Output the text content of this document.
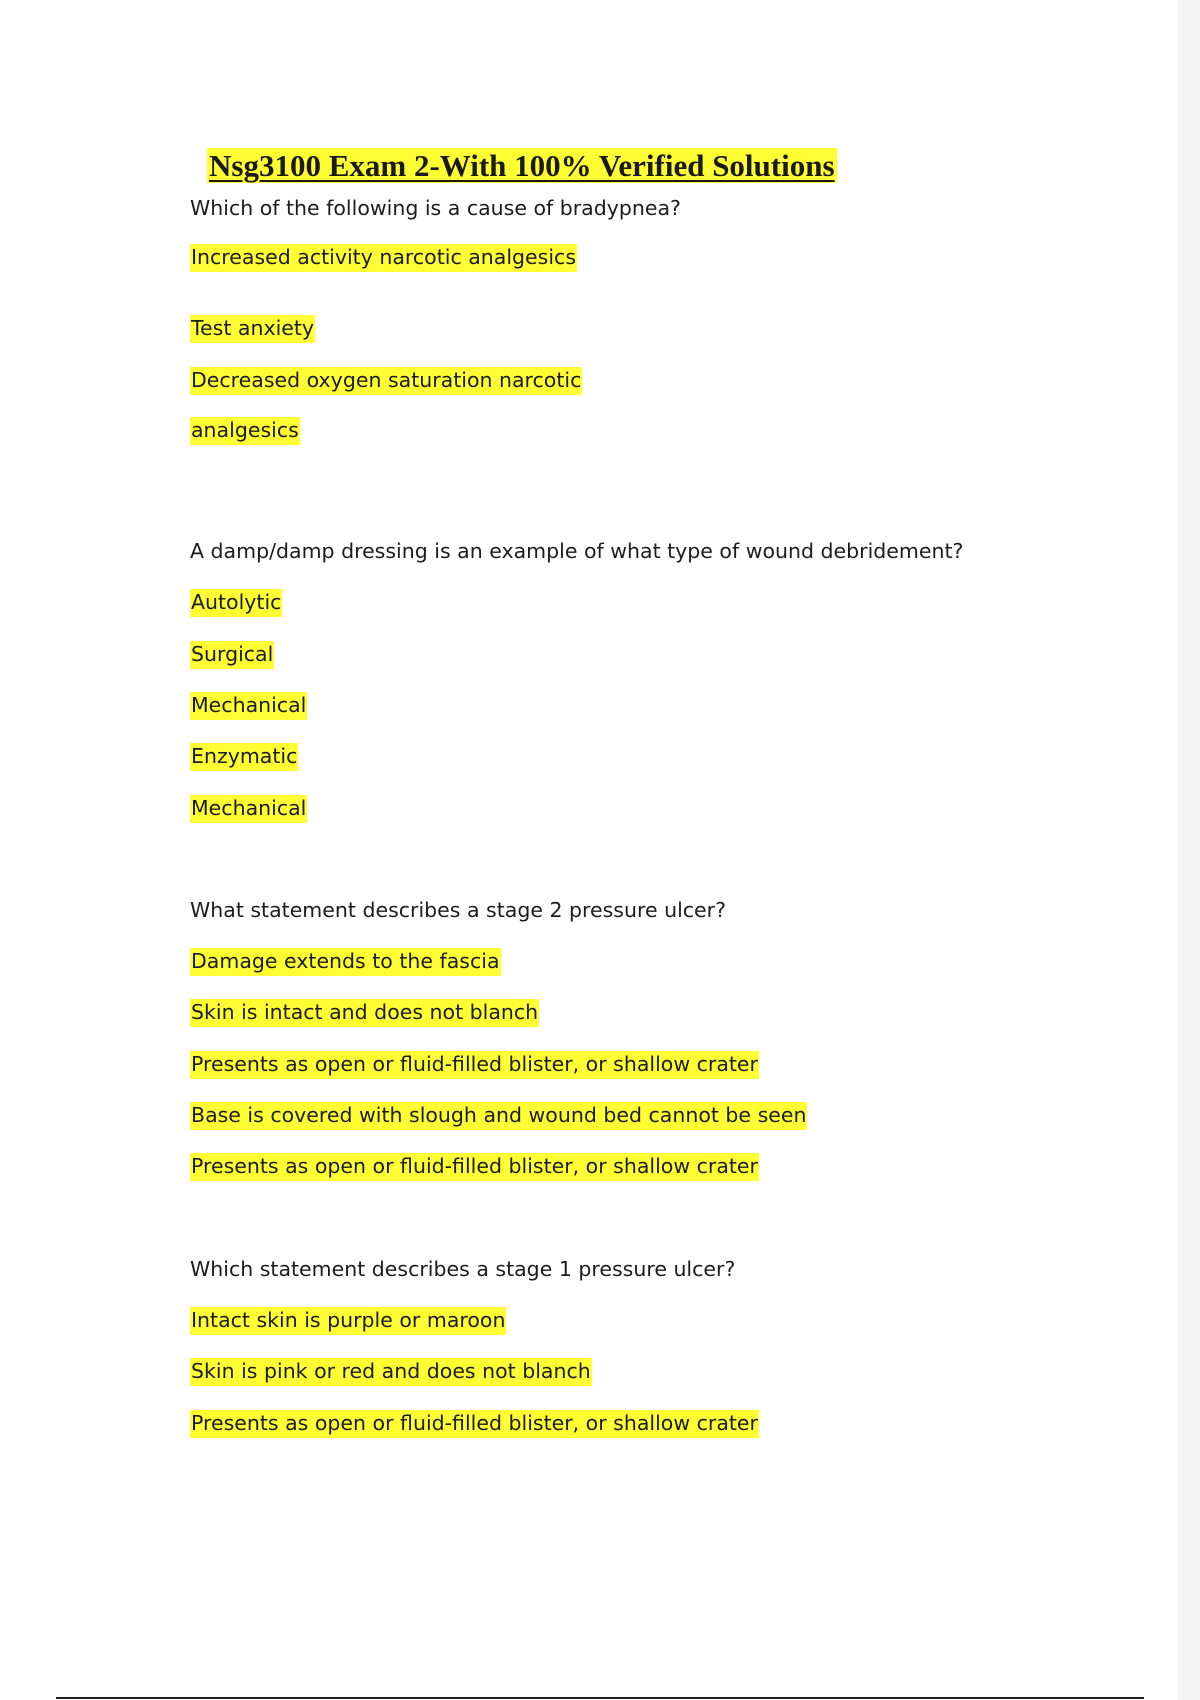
Nsg3100 Exam 2-With 100% Verified Solutions

Which of the following is a cause of bradypnea?

Increased activity narcotic analgesics

Test anxiety

Decreased oxygen saturation narcotic

analgesics

A damp/damp dressing is an example of what type of wound debridement?

Autolytic

Surgical

Mechanical

Enzymatic

Mechanical

What statement describes a stage 2 pressure ulcer?

Damage extends to the fascia

Skin is intact and does not blanch

Presents as open or fluid-filled blister, or shallow crater

Base is covered with slough and wound bed cannot be seen

Presents as open or fluid-filled blister, or shallow crater

Which statement describes a stage 1 pressure ulcer?

Intact skin is purple or maroon

Skin is pink or red and does not blanch

Presents as open or fluid-filled blister, or shallow crater
